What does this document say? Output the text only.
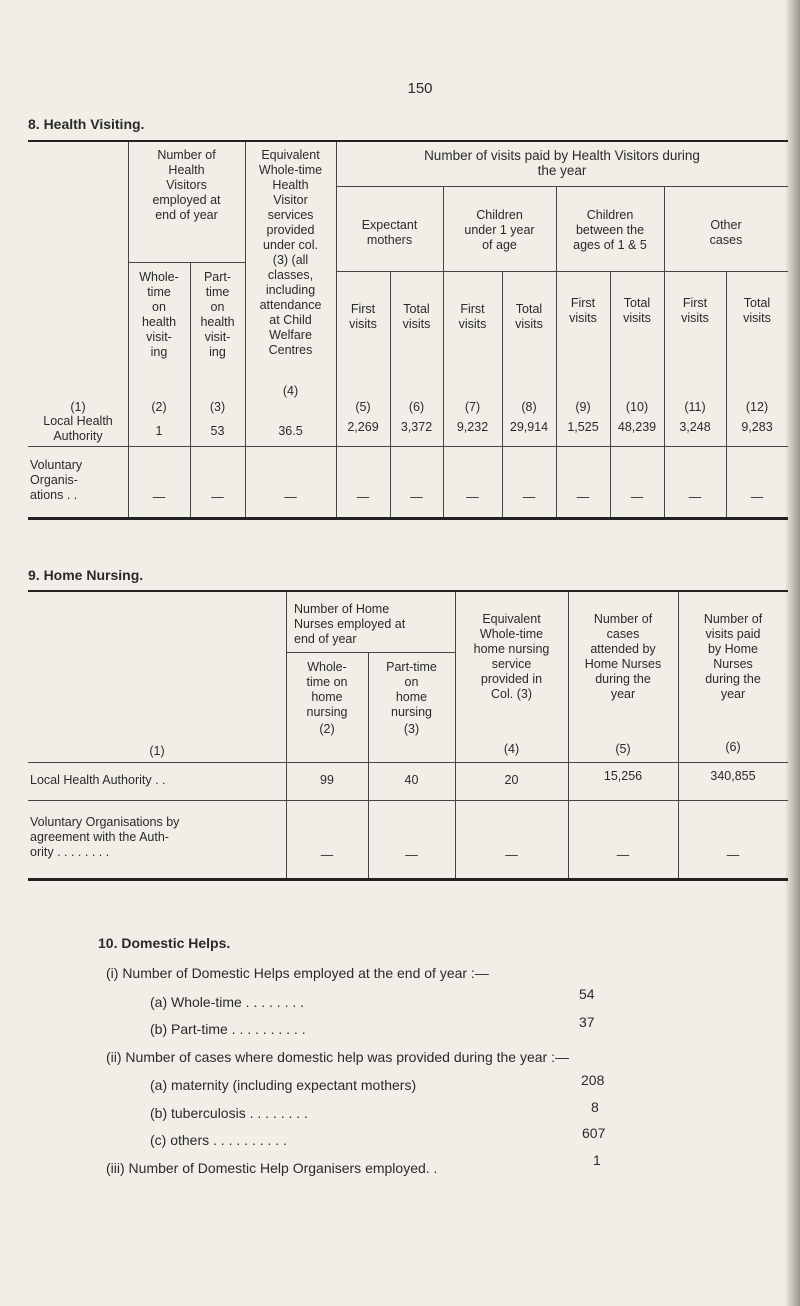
150
8. Health Visiting.
Number of
Health
Visitors
employed at
end of year
Whole-
time
on
health
visit-
ing
Part-
time
on
health
visit-
ing
Equivalent
Whole-time
Health
Visitor
services
provided
under col.
(3) (all
classes,
including
attendance
at Child
Welfare
Centres
Number of visits paid by Health Visitors during
the year
Expectant
mothers
Children
under 1 year
of age
Children
between the
ages of 1 & 5
Other
cases
First
visits
Total
visits
First
visits
Total
visits
First
visits
Total
visits
First
visits
Total
visits
(1)	(2)	(3)
(4)
(5)	(6)	(7)	(8)	(9)	(10)	(11)	(12)
Local Health
Authority	1	53	36.5	2,269	3,372	9,232	29,914	1,525	48,239	3,248	9,283
Voluntary
Organis-
ations . .	—	—	—	—	—	—	—	—	—	—	—
9. Home Nursing.
Number of Home
Nurses employed at
end of year
Whole-
time on
home
nursing
Part-time
on
home
nursing
Equivalent
Whole-time
home nursing
service
provided in
Col. (3)
Number of
cases
attended by
Home Nurses
during the
year
Number of
visits paid
by Home
Nurses
during the
year
(1)
(2)	(3)
(4)	(5)	(6)
Local Health Authority . .	99	40	20	15,256	340,855
Voluntary Organisations by
agreement with the Auth-
ority . . . . . . . .	—	—	—	—	—
10. Domestic Helps.
(i) Number of Domestic Helps employed at the end of year :—
(a) Whole-time . . . . . . . .	54
(b) Part-time . . . . . . . . . .	37
(ii) Number of cases where domestic help was provided during the year :—
(a) maternity (including expectant mothers)	208
(b) tuberculosis . . . . . . . .	8
(c) others . . . . . . . . . .	607
(iii) Number of Domestic Help Organisers employed. .	1
